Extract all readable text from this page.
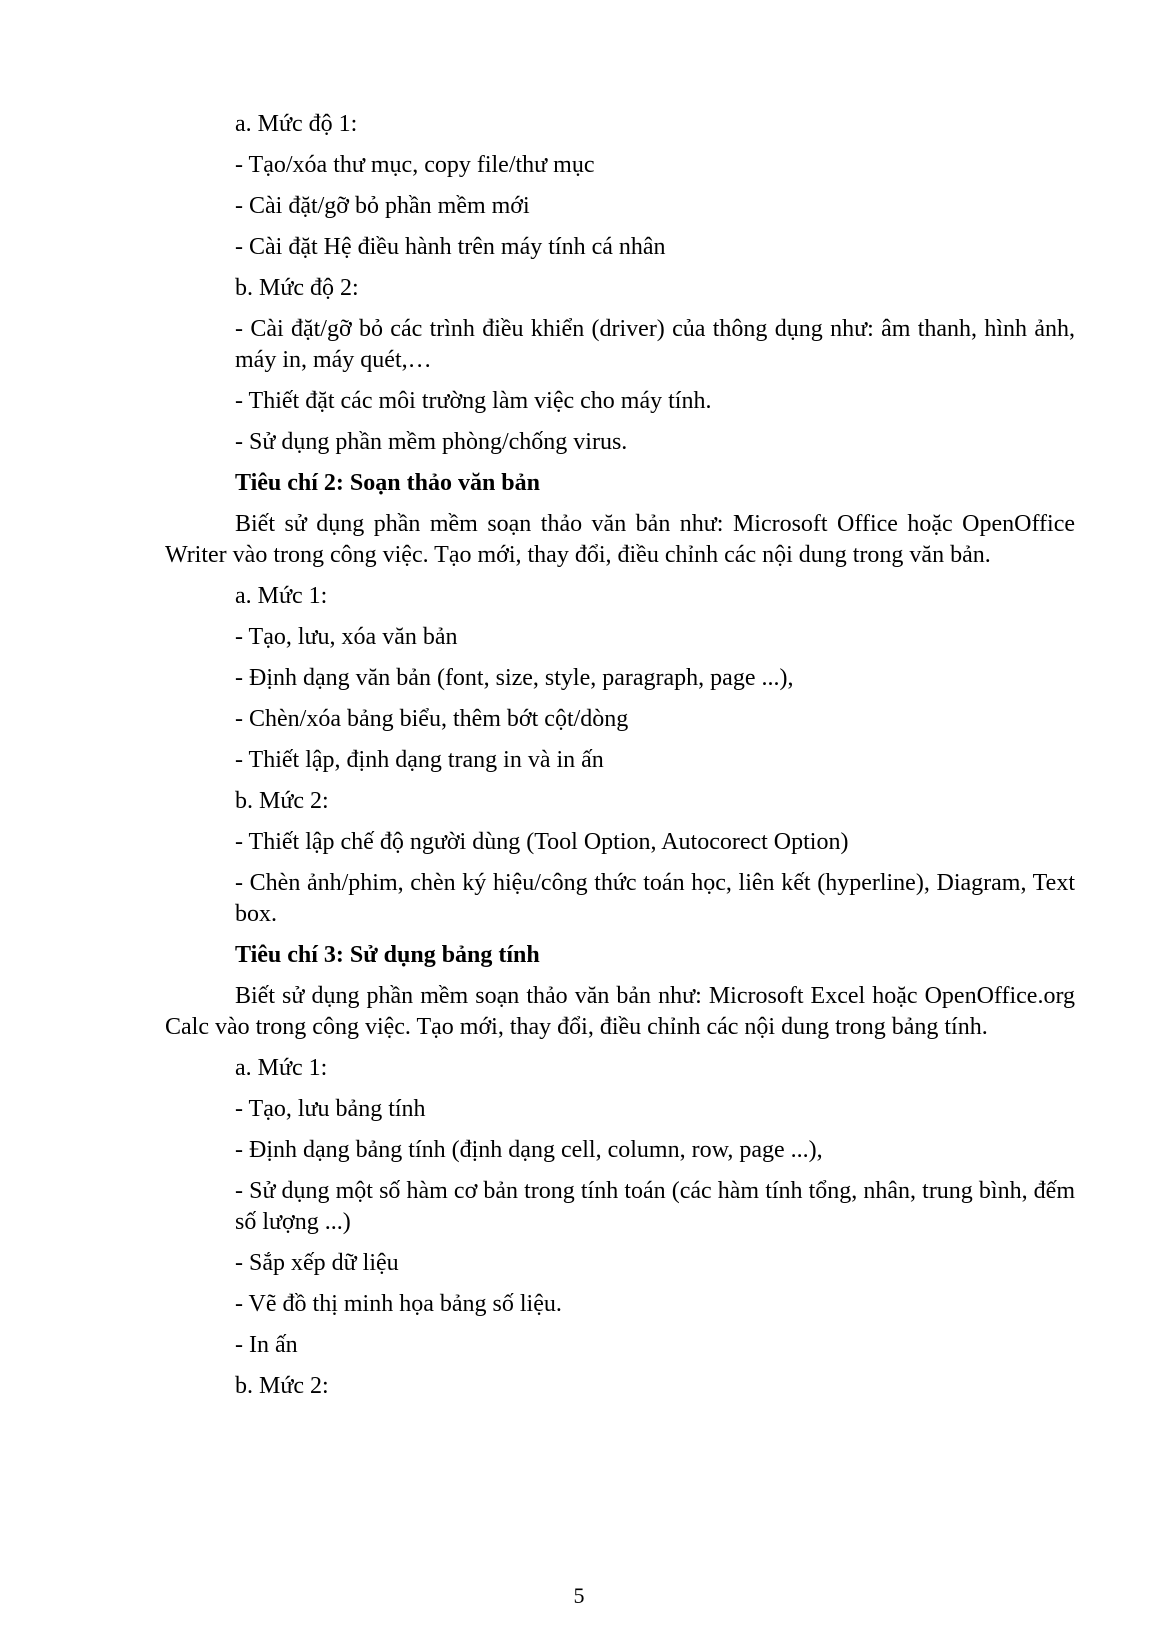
a. Mức độ 1:

- Tạo/xóa thư mục, copy file/thư mục

- Cài đặt/gỡ bỏ phần mềm mới

- Cài đặt Hệ điều hành trên máy tính cá nhân

b. Mức độ 2:

- Cài đặt/gỡ bỏ các trình điều khiển (driver) của thông dụng như: âm thanh, hình ảnh, máy in, máy quét,…

- Thiết đặt các môi trường làm việc cho máy tính.

- Sử dụng phần mềm phòng/chống virus.

Tiêu chí 2: Soạn thảo văn bản

Biết sử dụng phần mềm soạn thảo văn bản như: Microsoft Office hoặc OpenOffice Writer vào trong công việc. Tạo mới, thay đổi, điều chỉnh các nội dung trong văn bản.

a. Mức 1:

- Tạo, lưu, xóa văn bản

- Định dạng văn bản (font, size, style, paragraph, page ...),

- Chèn/xóa bảng biểu, thêm bớt cột/dòng

- Thiết lập, định dạng trang in và in ấn

b. Mức 2:

- Thiết lập chế độ người dùng (Tool Option, Autocorect Option)

- Chèn ảnh/phim, chèn ký hiệu/công thức toán học, liên kết (hyperline), Diagram, Text box.

Tiêu chí 3: Sử dụng bảng tính

Biết sử dụng phần mềm soạn thảo văn bản như: Microsoft Excel hoặc OpenOffice.org Calc vào trong công việc. Tạo mới, thay đổi, điều chỉnh các nội dung trong bảng tính.

a. Mức 1:

- Tạo, lưu bảng tính

- Định dạng bảng tính (định dạng cell, column, row, page ...),

- Sử dụng một số hàm cơ bản trong tính toán (các hàm tính tổng, nhân, trung bình, đếm số lượng ...)

- Sắp xếp dữ liệu

- Vẽ đồ thị minh họa bảng số liệu.

- In ấn

b. Mức 2:

5
